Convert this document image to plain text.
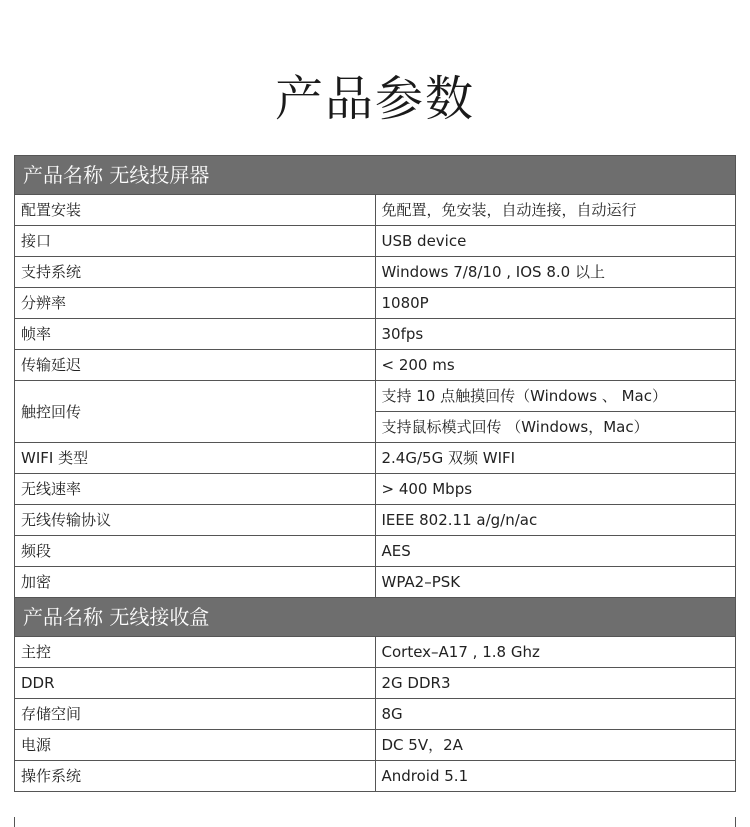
产品参数
产品名称 无线投屏器	
配置安装	免配置，免安装，自动连接，自动运行
接口	USB device
支持系统	Windows 7/8/10 , IOS 8.0 以上
分辨率	1080P
帧率	30fps
传输延迟	< 200 ms
触控回传	支持 10 点触摸回传（Windows 、 Mac）
	支持鼠标模式回传 （Windows，Mac）
WIFI 类型	2.4G/5G 双频 WIFI
无线速率	> 400 Mbps
无线传输协议	IEEE 802.11 a/g/n/ac
频段	AES
加密	WPA2–PSK
产品名称 无线接收盒	
主控	Cortex–A17 , 1.8 Ghz
DDR	2G DDR3
存储空间	8G
电源	DC 5V，2A
操作系统	Android 5.1
